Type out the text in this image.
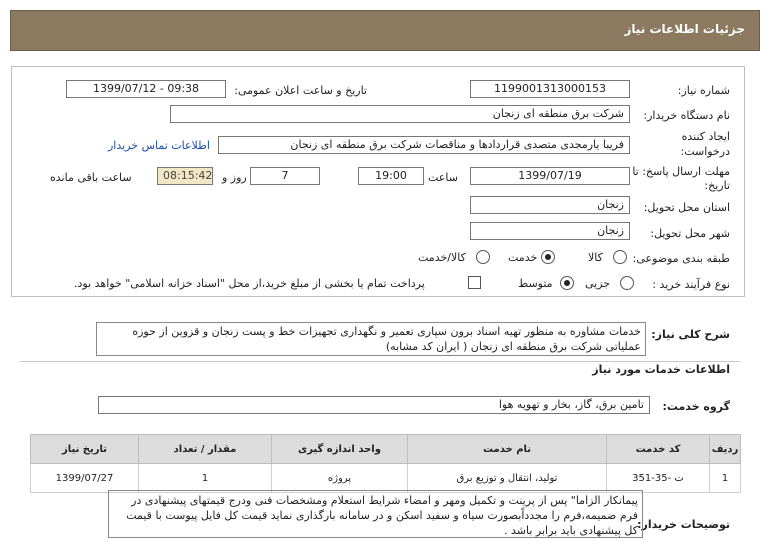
جزئیات اطلاعات نیاز
شماره نیاز:
1199001313000153
تاریخ و ساعت اعلان عمومی:
1399/07/12 - 09:38
نام دستگاه خریدار:
شرکت برق منطقه ای زنجان
ایجاد کننده درخواست:
فریبا یارمجدی متصدی قراردادها و مناقصات شرکت برق منطقه ای زنجان
اطلاعات تماس خریدار
مهلت ارسال پاسخ: تا تاریخ:
1399/07/19
ساعت
19:00
7
روز و
08:15:42
ساعت باقی مانده
استان محل تحویل:
زنجان
شهر محل تحویل:
زنجان
طبقه بندی موضوعی:
کالا
خدمت
کالا/خدمت
نوع فرآیند خرید :
جزیی
متوسط
پرداخت تمام یا بخشی از مبلغ خرید،از محل "اسناد خزانه اسلامی" خواهد بود.
شرح کلی نیاز:
خدمات مشاوره به منظور تهیه اسناد برون سپاری تعمیر و نگهداری تجهیزات خط و پست زنجان و قزوین از حوزه عملیاتی شرکت برق منطقه ای زنجان ( ایران کد مشابه)
اطلاعات خدمات مورد نیاز
گروه خدمت:
تامین برق، گاز، بخار و تهویه هوا
ردیف	کد خدمت	نام خدمت	واحد اندازه گیری	مقدار / تعداد	تاریخ نیاز
1	ت -35-351	تولید، انتقال و توزیع برق	پروژه	1	1399/07/27
توضیحات خریدار:
پیمانکار الزاما" پس از پرینت و تکمیل ومهر و امضاء شرایط استعلام ومشخصات فنی ودرج قیمتهای پیشنهادی در فرم ضمیمه،فرم را مجدداًبصورت سیاه و سفید اسکن و در سامانه بارگذاری نماید قیمت کل فایل پیوست با قیمت کل پیشنهادی باید برابر باشد .
